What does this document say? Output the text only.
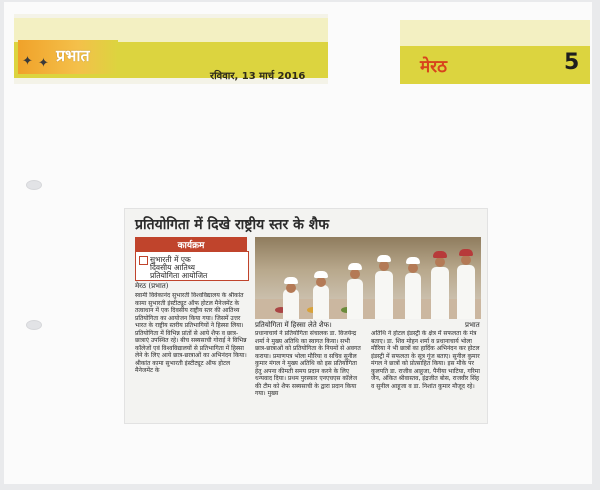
✦ ✦ प्रभात
रविवार, 13 मार्च 2016	मेरठ	5
प्रतियोगिता में दिखे राष्ट्रीय स्तर के शैफ
कार्यक्रम
सुभारती में एक
दिवसीय आतिथ्य
प्रतियोगिता आयोजित
प्रतियोगिता में हिस्सा लेते शैफ।	प्रभात
मेरठ (प्रभात)
स्वामी विवेकानंद सुभारती विश्वविद्यालय के श्रीकांत कामा सुभारती इंस्टीट्यूट ऑफ होटल मैनेजमेंट के तत्वाधान में एक दिवसीय राष्ट्रीय स्तर की आतिथ्य प्रतियोगिता का आयोजन किया गया। जिसमें उत्तर भारत के राष्ट्रीय स्तरीय प्रतिभागियों ने हिस्सा लिया। प्रतियोगिता में विभिन्न प्रांतों से आये शैफ व छात्र-छात्राएं उपस्थित रहे। बीच सब्यसाची गोराई ने विभिन्न कॉलेजों एवं विश्वविद्यालयों से प्रतिभागिता में हिस्सा लेने के लिए आये छात्र-छात्राओं का अभिनंदन किया। श्रीकांत कामा सुभारती इंस्टीट्यूट ऑफ होटल मैनेजमेंट के
प्रधानाचार्य ने प्रतियोगिता संचालक डा. विजयेन्द्र शर्मा ने मुख्य अतिथि का स्वागत किया। सभी छात्र-छात्राओं को प्रतियोगिता के नियमों से अवगत कराया। प्रमाणपत्र भोला मौरिया व सचिव सुनील कुमार मंगल ने मुख्य अतिथि को इस प्रतियोगिता हेतु अपना कीमती समय प्रदान करने के लिए धन्यवाद दिया। प्रथम पुरस्कार एनएचएस कॉलेज की टीम को शैफ सब्यसाची के द्वारा प्रदान किया गया। मुख्य
अतिथि ने होटल इंडस्ट्री के क्षेत्र में सफलता के मंत्र बताए। डा. शिव मोहन शर्मा व प्रधानाचार्य भोला मौरिया ने भी छात्रों का हार्दिक अभिनंदन कर होटल इंडस्ट्री में सफलता के सूत्र गूंज बताए। सुनील कुमार मंगल ने छात्रों को प्रोत्साहित किया। इस मौके पर कुलपति डा. राजीव आहूजा, पैनीया भाटिया, गरिमा जैन, अंकित श्रीवास्तव, इंद्रजीत बोस, राजवीर सिंह व सुनील आहूजा व डा. निशांत कुमार मौजूद रहे।
